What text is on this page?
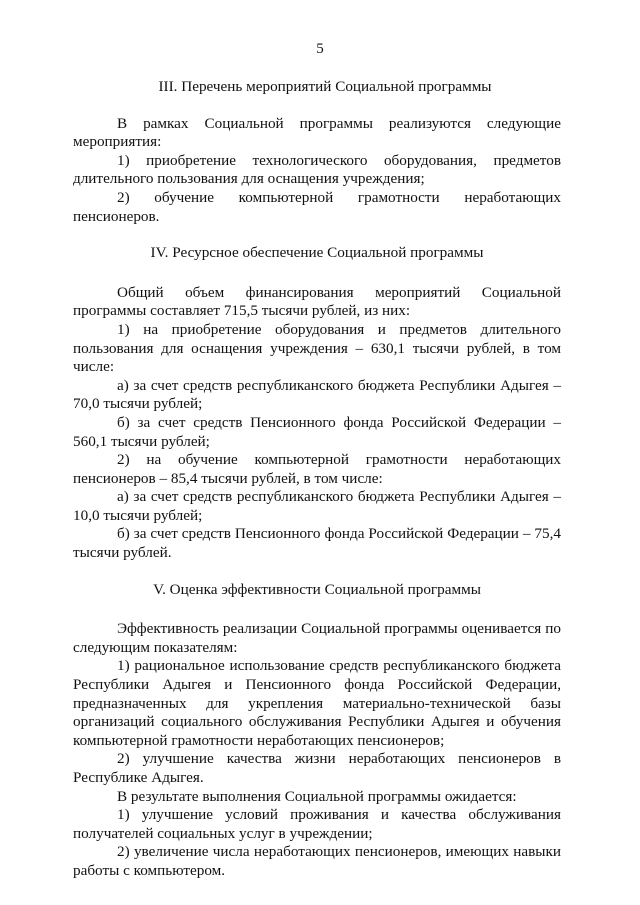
5
III. Перечень мероприятий Социальной программы

В рамках Социальной программы реализуются следующие мероприятия:

1) приобретение технологического оборудования, предметов длительного пользования для оснащения учреждения;

2) обучение компьютерной грамотности неработающих пенсионеров.

IV. Ресурсное обеспечение Социальной программы

Общий объем финансирования мероприятий Социальной программы составляет 715,5 тысячи рублей, из них:

1) на приобретение оборудования и предметов длительного пользования для оснащения учреждения – 630,1 тысячи рублей, в том числе:

а) за счет средств республиканского бюджета Республики Адыгея – 70,0 тысячи рублей;

б) за счет средств Пенсионного фонда Российской Федерации – 560,1 тысячи рублей;

2) на обучение компьютерной грамотности неработающих пенсионеров – 85,4 тысячи рублей, в том числе:

а) за счет средств республиканского бюджета Республики Адыгея – 10,0 тысячи рублей;

б) за счет средств Пенсионного фонда Российской Федерации – 75,4 тысячи рублей.

V. Оценка эффективности Социальной программы

Эффективность реализации Социальной программы оценивается по следующим показателям:

1) рациональное использование средств республиканского бюджета Республики Адыгея и Пенсионного фонда Российской Федерации, предназначенных для укрепления материально-технической базы организаций социального обслуживания Республики Адыгея и обучения компьютерной грамотности неработающих пенсионеров;

2) улучшение качества жизни неработающих пенсионеров в Республике Адыгея.

В результате выполнения Социальной программы ожидается:

1) улучшение условий проживания и качества обслуживания получателей социальных услуг в учреждении;

2) увеличение числа неработающих пенсионеров, имеющих навыки работы с компьютером.
